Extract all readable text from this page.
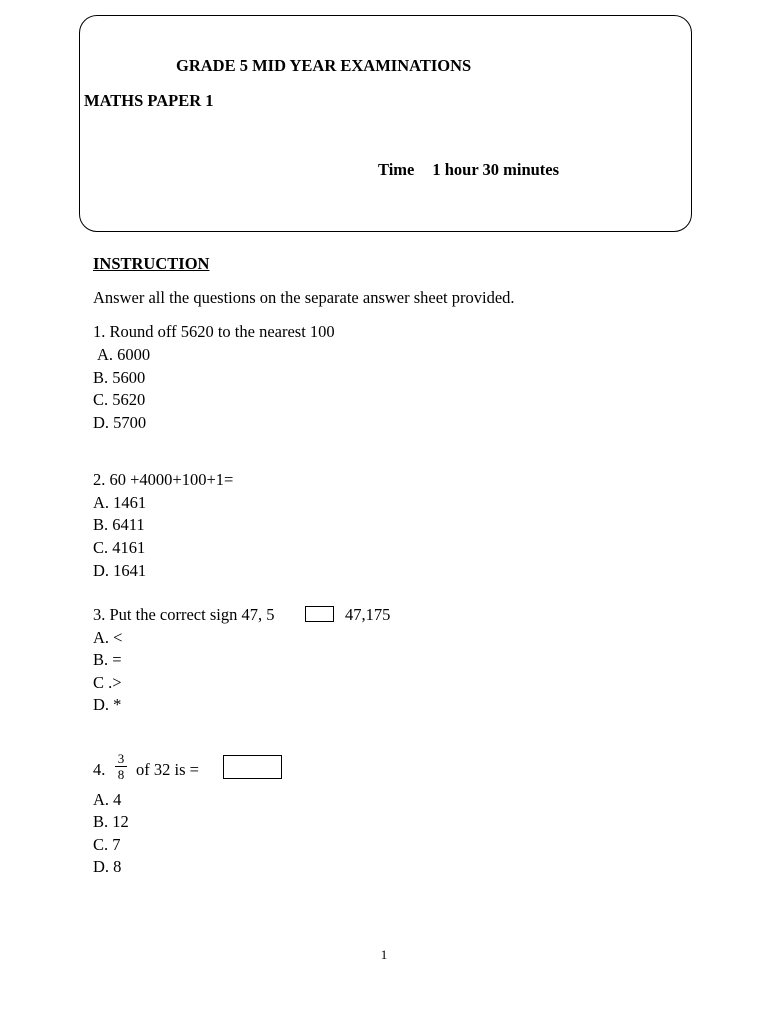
GRADE 5 MID YEAR EXAMINATIONS
MATHS PAPER 1
Time 1 hour 30 minutes
INSTRUCTION
Answer all the questions on the separate answer sheet provided.
1. Round off 5620 to the nearest 100
A. 6000
B. 5600
C. 5620
D. 5700
2. 60 +4000+100+1=
A. 1461
B. 6411
C. 4161
D. 1641
3. Put the correct sign 47, 5	47,175
A. <
B. =
C .>
D. *
4.
3
8 of 32 is =
A. 4
B. 12
C. 7
D. 8
1
